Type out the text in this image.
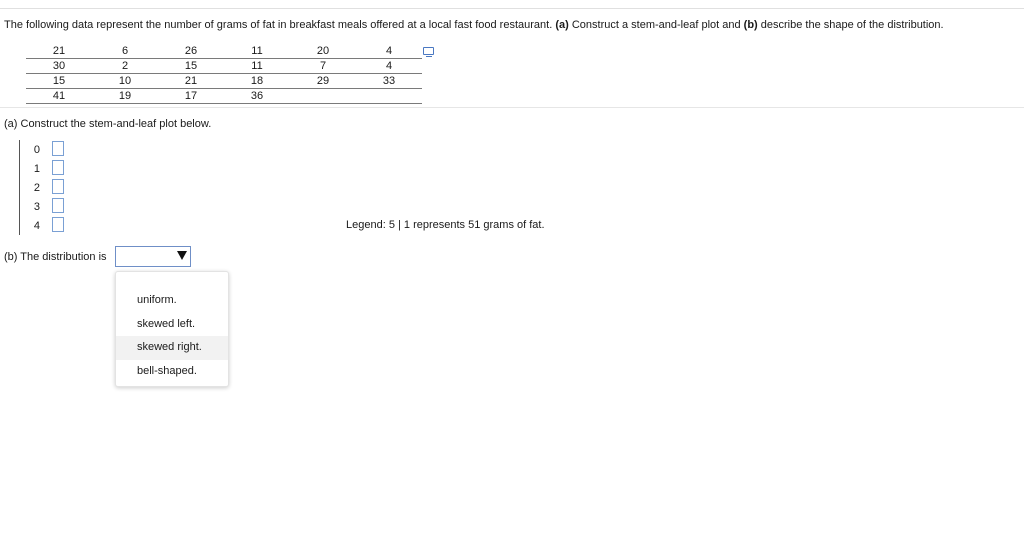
The following data represent the number of grams of fat in breakfast meals offered at a local fast food restaurant. (a) Construct a stem-and-leaf plot and (b) describe the shape of the distribution.
21	6	26	11	20	4
30	2	15	11	7	4
15	10	21	18	29	33
41	19	17	36		
(a) Construct the stem-and-leaf plot below.
0
1
2
3
4	Legend: 5 | 1 represents 51 grams of fat.
(b) The distribution is
uniform.
skewed left.
skewed right.
bell-shaped.
